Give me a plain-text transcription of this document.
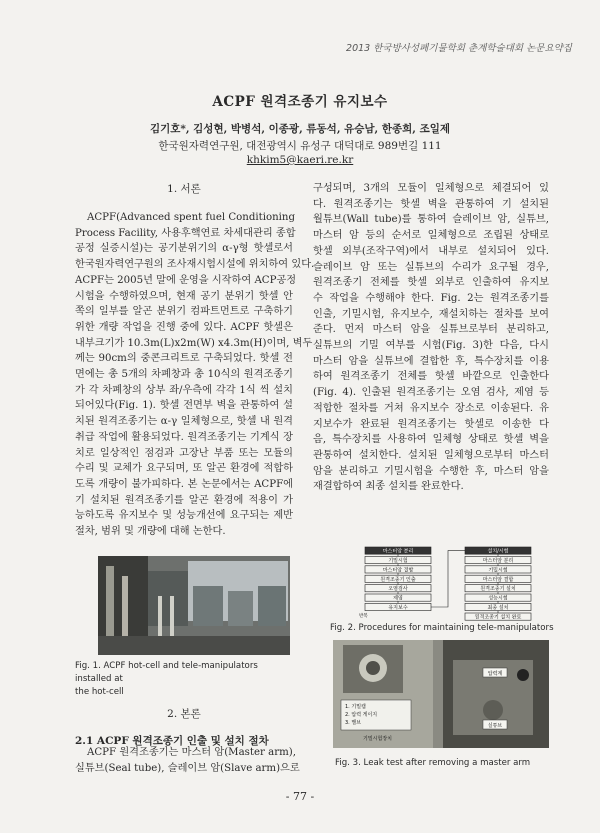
2013 한국방사성폐기물학회 춘계학술대회 논문요약집
ACPF 원격조종기 유지보수
김기호*, 김성현, 박병석, 이종광, 류동석, 유승남, 한종희, 조일제
한국원자력연구원, 대전광역시 유성구 대덕대로 989번길 111
khkim5@kaeri.re.kr
1. 서론
ACPF(Advanced spent fuel Conditioning
Process Facility, 사용후핵연료 차세대관리 종합
공정 실증시설)는 공기분위기의 α-γ형 핫셀로서
한국원자력연구원의 조사재시험시설에 위치하여 있다.
ACPF는 2005년 말에 운영을 시작하여 ACP공정
시험을 수행하였으며, 현재 공기 분위기 핫셀 안
쪽의 일부를 알곤 분위기 컴파트먼트로 구축하기
위한 개량 작업을 진행 중에 있다. ACPF 핫셀은
내부크기가 10.3m(L)x2m(W) x4.3m(H)이며, 벽두
께는 90cm의 중콘크리트로 구축되었다. 핫셀 전
면에는 총 5개의 차폐창과 총 10식의 원격조종기
가 각 차폐창의 상부 좌/우측에 각각 1식 씩 설치
되어있다(Fig. 1). 핫셀 전면부 벽을 관통하여 설
치된 원격조종기는 α-γ 일체형으로, 핫셀 내 원격
취급 작업에 활용되었다. 원격조종기는 기계식 장
치로 일상적인 점검과 고장난 부품 또는 모듈의
수리 및 교체가 요구되며, 또 알곤 환경에 적합하
도록 개량이 불가피하다. 본 논문에서는 ACPF에
기 설치된 원격조종기를 알곤 환경에 적용이 가
능하도록 유지보수 및 성능개선에 요구되는 제반
절차, 범위 및 개량에 대해 논한다.
Fig. 1. ACPF hot-cell and tele-manipulators installed at
the hot-cell
2. 본론
2.1 ACPF 원격조종기 인출 및 설치 절차
ACPF 원격조종기는 마스터 암(Master arm),
실튜브(Seal tube), 슬레이브 암(Slave arm)으로
구성되며, 3개의 모듈이 일체형으로 체결되어 있
다. 원격조종기는 핫셀 벽을 관통하여 기 설치된
월튜브(Wall tube)를 통하여 슬레이브 암, 실튜브,
마스터 암 등의 순서로 일체형으로 조립된 상태로
핫셀 외부(조작구역)에서 내부로 설치되어 있다.
슬레이브 암 또는 실튜브의 수리가 요구될 경우,
원격조종기 전체를 핫셀 외부로 인출하여 유지보
수 작업을 수행해야 한다. Fig. 2는 원격조종기를
인출, 기밀시험, 유지보수, 재설치하는 절차를 보여
준다. 먼저 마스터 암을 실튜브로부터 분리하고,
실튜브의 기밀 여부를 시험(Fig. 3)한 다음, 다시
마스터 암을 실튜브에 결합한 후, 특수장치를 이용
하여 원격조종기 전체를 핫셀 바깥으로 인출한다
(Fig. 4). 인출된 원격조종기는 오염 검사, 제염 등
적합한 절차를 거쳐 유지보수 장소로 이송된다. 유
지보수가 완료된 원격조종기는 핫셀로 이송한 다
음, 특수장치를 사용하여 일체형 상태로 핫셀 벽을
관통하여 설치한다. 설치된 일체형으로부터 마스터
암을 분리하고 기밀시험을 수행한 후, 마스터 암을
재결합하여 최종 설치를 완료한다.
마스터암 분리
기밀시험
마스터암 결합
원격조종기 인출
오염검사
제염
유지보수
설치/시험
마스터암 분리
기밀시험
마스터암 결합
원격조종기 설치
성능시험
최종 설치
원격조종기 설치 완료
반복
Fig. 2. Procedures for maintaining tele-manipulators
압력계
실튜브
1. 기밀캡
2. 압력 게이지
3. 밸브
기밀시험장치
Fig. 3. Leak test after removing a master arm
- 77 -
